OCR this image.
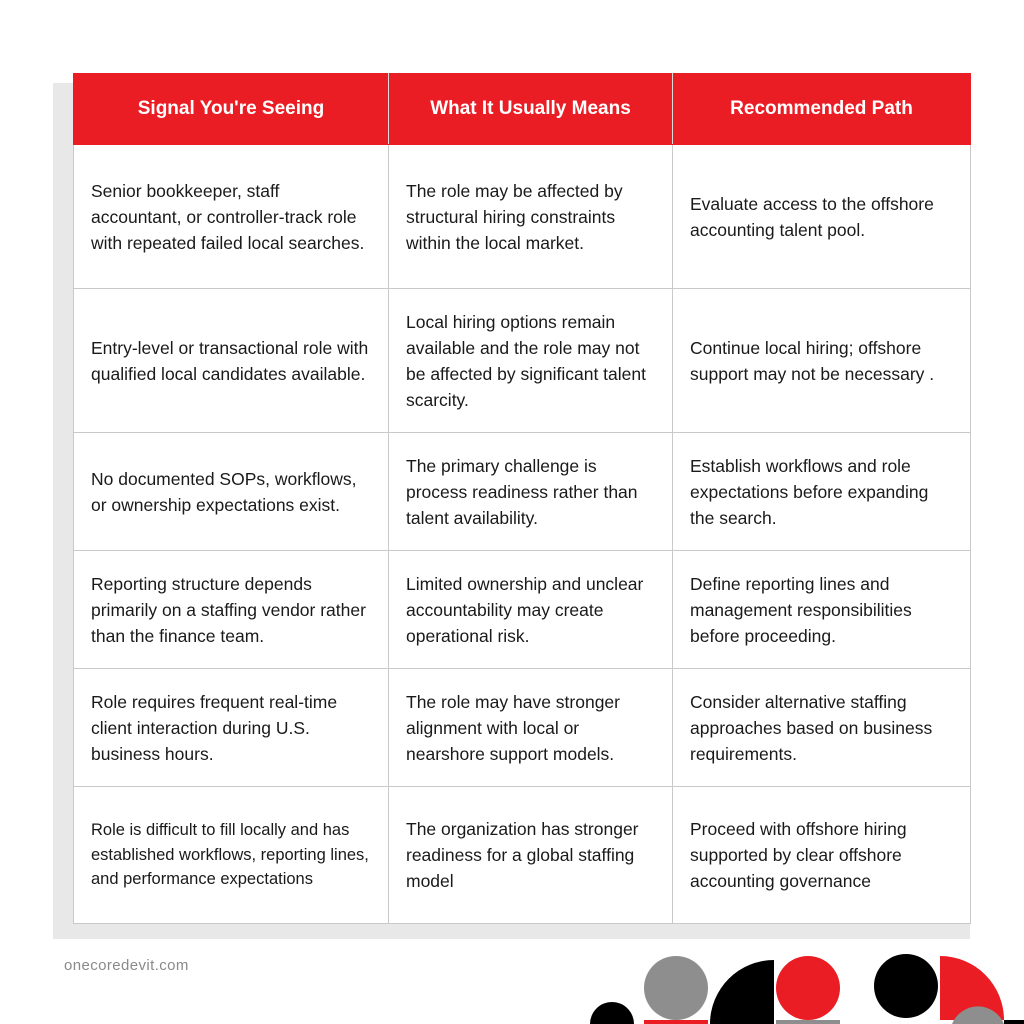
Signal You're Seeing	What It Usually Means	Recommended Path
Senior bookkeeper, staff accountant, or controller-track role with repeated failed local searches.	The role may be affected by structural hiring constraints within the local market.	Evaluate access to the offshore accounting talent pool.
Entry-level or transactional role with qualified local candidates available.	Local hiring options remain available and the role may not be affected by significant talent scarcity.	Continue local hiring; offshore support may not be necessary .
No documented SOPs, workflows, or ownership expectations exist.	The primary challenge is process readiness rather than talent availability.	Establish workflows and role expectations before expanding the search.
Reporting structure depends primarily on a staffing vendor rather than the finance team.	Limited ownership and unclear accountability may create operational risk.	Define reporting lines and management responsibilities before proceeding.
Role requires frequent real-time client interaction during U.S. business hours.	The role may have stronger alignment with local or nearshore support models.	Consider alternative staffing approaches based on business requirements.
Role is difficult to fill locally and has established workflows, reporting lines, and performance expectations	The organization has stronger readiness for a global staffing model	Proceed with offshore hiring supported by clear offshore accounting governance
onecoredevit.com
